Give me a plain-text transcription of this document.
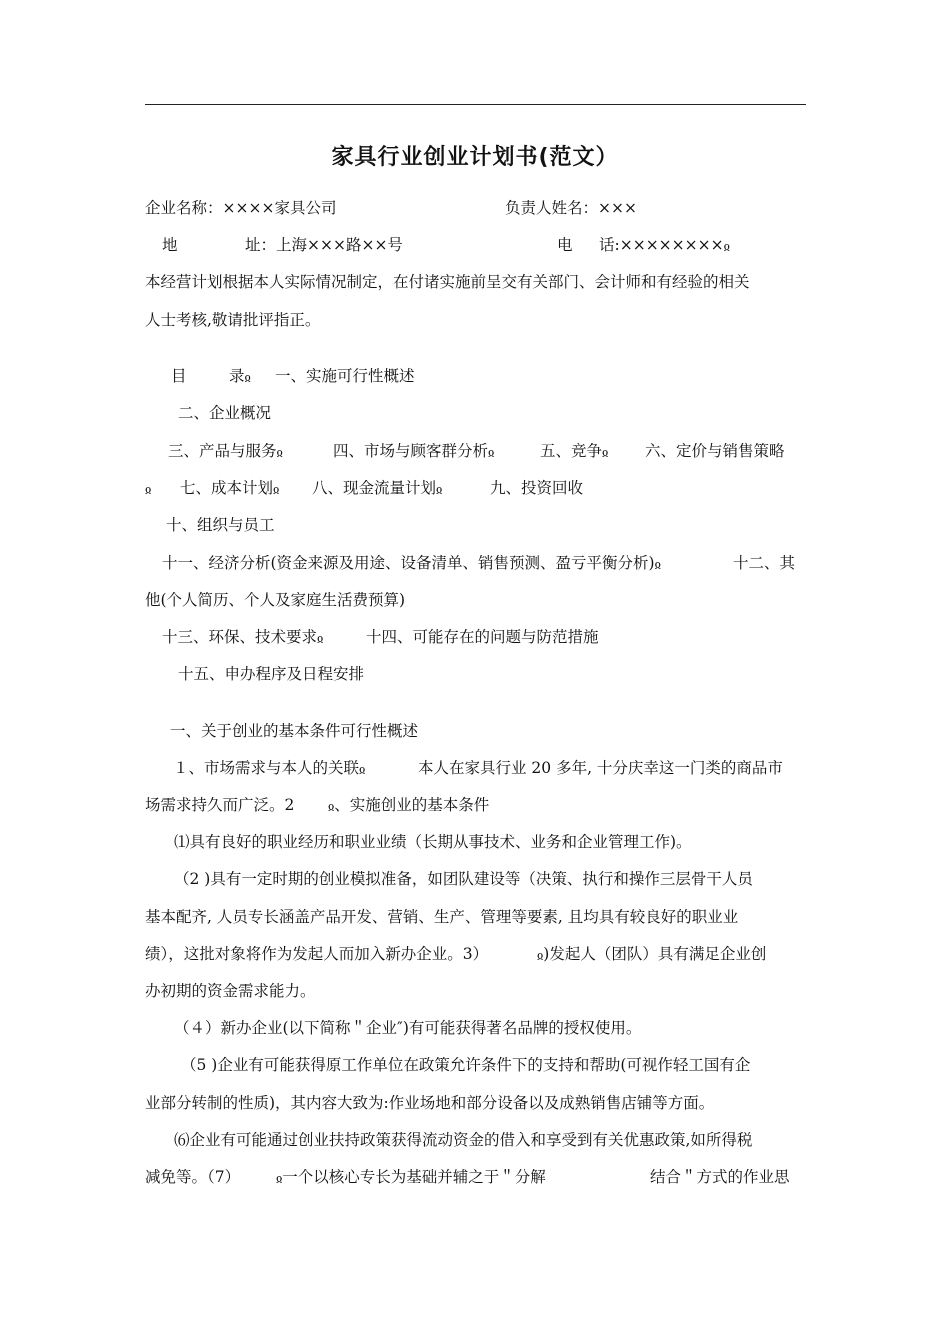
家具行业创业计划书(范文）
企业名称：××××家具公司	负责人姓名：×××
地	址：上海×××路××号	电 话:××××××××ჲ
本经营计划根据本人实际情况制定，在付诸实施前呈交有关部门、会计师和有经验的相关
人士考核,敬请批评指正。
目	录ჲ 一、实施可行性概述
二、企业概况
三、产品与服务ჲ	四、市场与顾客群分析ჲ	五、竞争ჲ 六、定价与销售策略
ჲ 七、成本计划ჲ 八、现金流量计划ჲ	九、投资回收
十、组织与员工
十一、经济分析(资金来源及用途、设备清单、销售预测、盈亏平衡分析)ჲ	十二、其
他(个人简历、个人及家庭生活费预算)
十三、环保、技术要求ჲ	十四、可能存在的问题与防范措施
十五、申办程序及日程安排
一、关于创业的基本条件可行性概述
１、市场需求与本人的关联ჲ	本人在家具行业 20 多年, 十分庆幸这一门类的商品市
场需求持久而广泛。2	ჲ、实施创业的基本条件
⑴具有良好的职业经历和职业业绩（长期从事技术、业务和企业管理工作)。
（2 )具有一定时期的创业模拟准备，如团队建设等（决策、执行和操作三层骨干人员
基本配齐, 人员专长涵盖产品开发、营销、生产、管理等要素, 且均具有较良好的职业业
绩），这批对象将作为发起人而加入新办企业。3）	ჲ)发起人（团队）具有满足企业创
办初期的资金需求能力。
（４）新办企业(以下简称＂企业″)有可能获得著名品牌的授权使用。
（5 )企业有可能获得原工作单位在政策允许条件下的支持和帮助(可视作轻工国有企
业部分转制的性质)，其内容大致为:作业场地和部分设备以及成熟销售店铺等方面。
⑹企业有可能通过创业扶持政策获得流动资金的借入和享受到有关优惠政策,如所得税
减免等。（7）	ჲ一个以核心专长为基础并辅之于＂分解	结合＂方式的作业思
